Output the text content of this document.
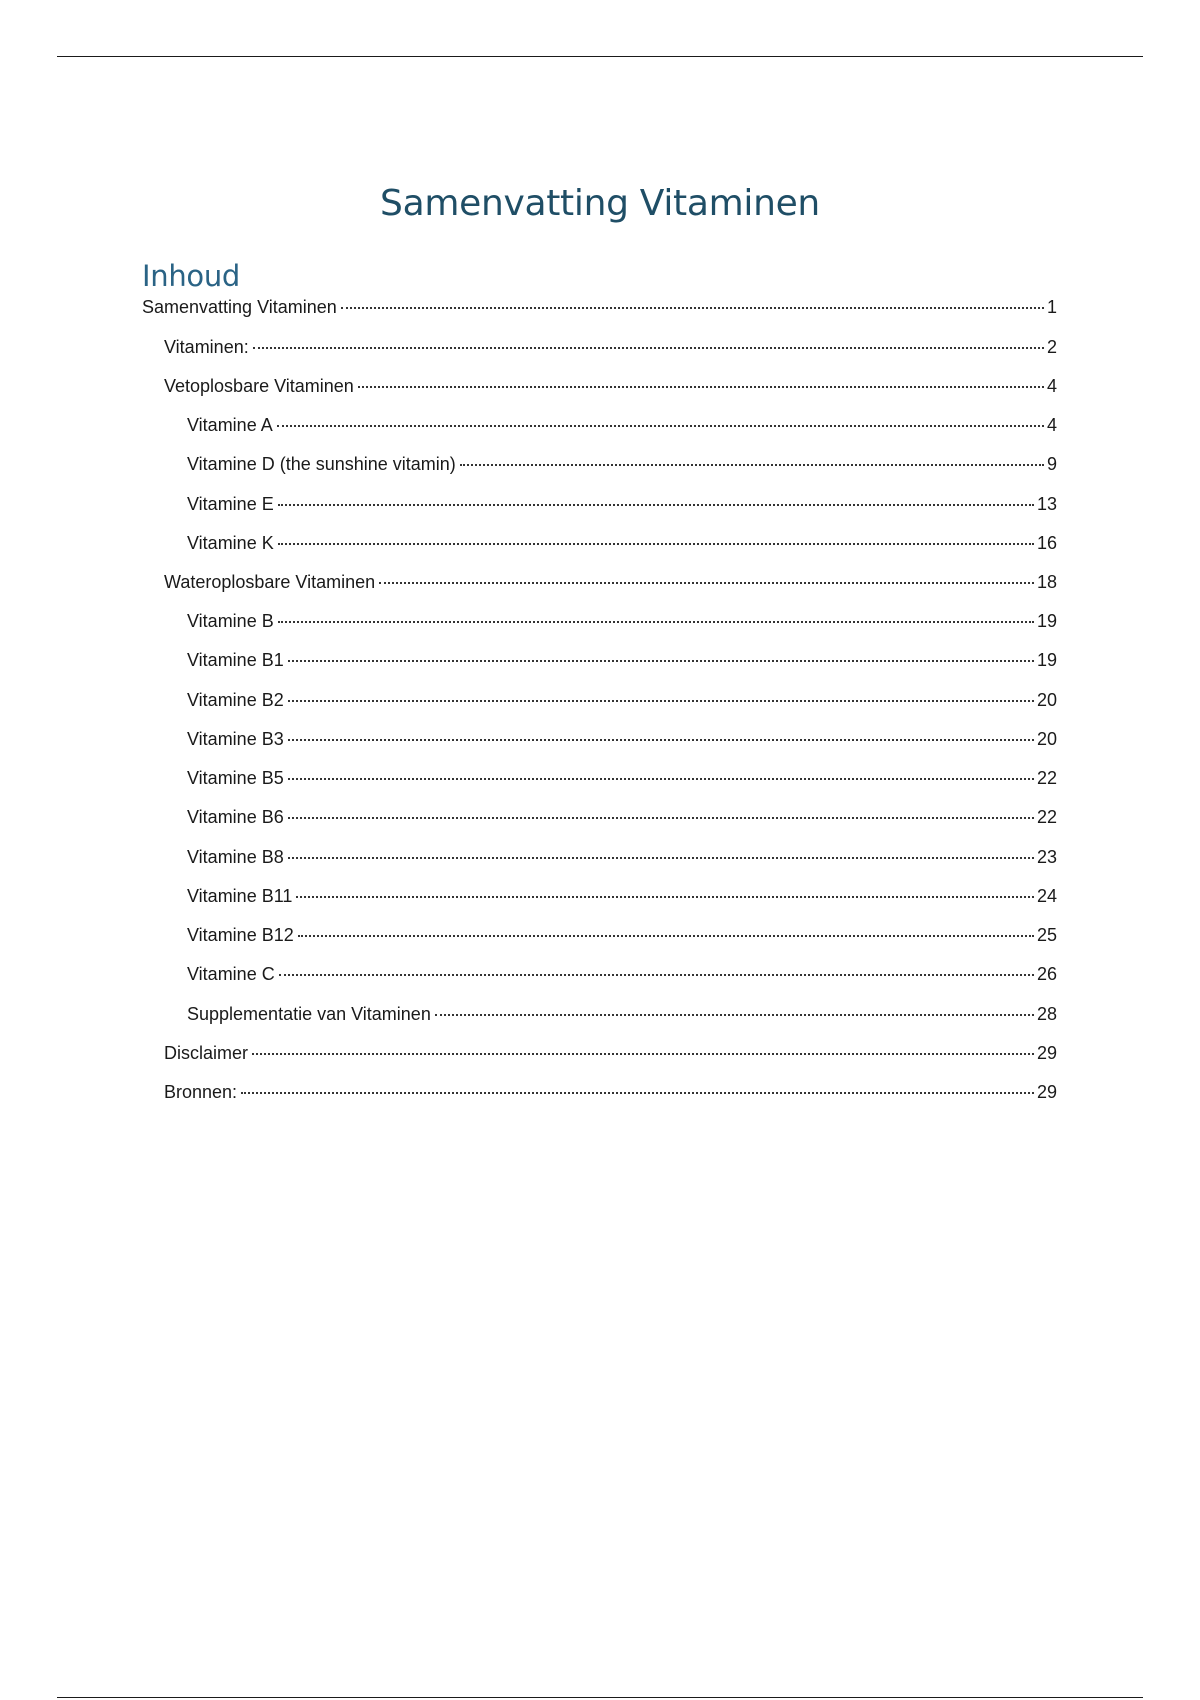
Samenvatting Vitaminen
Inhoud
Samenvatting Vitaminen	1
Vitaminen:	2
Vetoplosbare Vitaminen	4
Vitamine A	4
Vitamine D (the sunshine vitamin)	9
Vitamine E	13
Vitamine K	16
Wateroplosbare Vitaminen	18
Vitamine B	19
Vitamine B1	19
Vitamine B2	20
Vitamine B3	20
Vitamine B5	22
Vitamine B6	22
Vitamine B8	23
Vitamine B11	24
Vitamine B12	25
Vitamine C	26
Supplementatie van Vitaminen	28
Disclaimer	29
Bronnen:	29
